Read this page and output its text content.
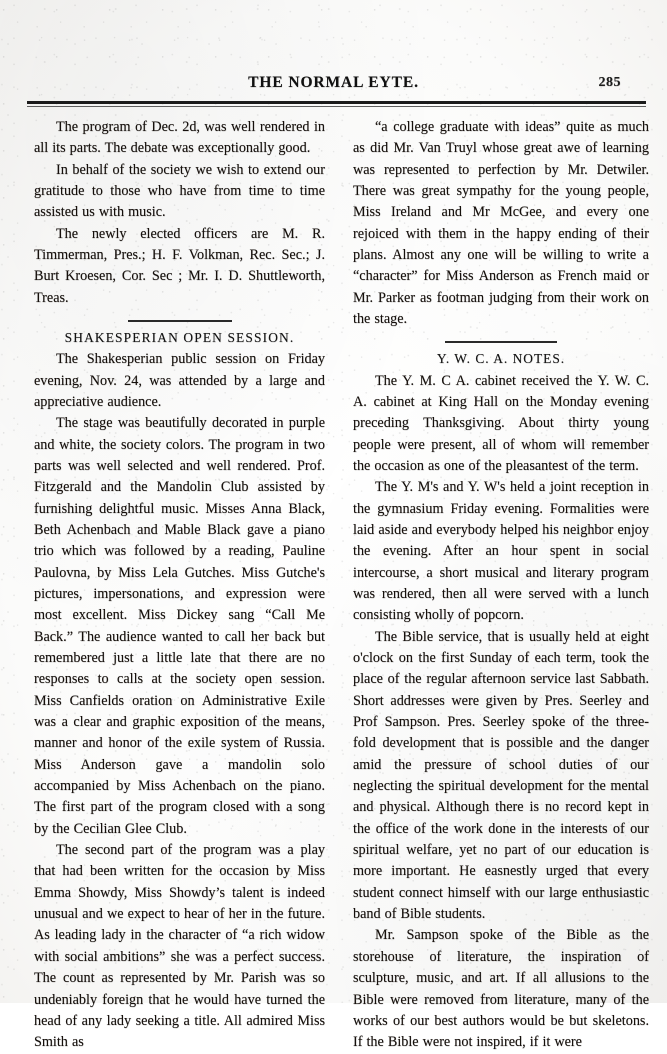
THE NORMAL EYTE.	285

The program of Dec. 2d, was well rendered in all its parts. The debate was exceptionally good.

In behalf of the society we wish to extend our gratitude to those who have from time to time assisted us with music.

The newly elected officers are M. R. Timmerman, Pres.; H. F. Volkman, Rec. Sec.; J. Burt Kroesen, Cor. Sec ; Mr. I. D. Shuttleworth, Treas.

SHAKESPERIAN OPEN SESSION.

The Shakesperian public session on Friday evening, Nov. 24, was attended by a large and appreciative audience.

The stage was beautifully decorated in purple and white, the society colors. The program in two parts was well selected and well rendered. Prof. Fitzgerald and the Mandolin Club assisted by furnishing delightful music. Misses Anna Black, Beth Achenbach and Mable Black gave a piano trio which was followed by a reading, Pauline Paulovna, by Miss Lela Gutches. Miss Gutche's pictures, impersonations, and expression were most excellent. Miss Dickey sang “Call Me Back.” The audience wanted to call her back but remembered just a little late that there are no responses to calls at the society open session. Miss Canfields oration on Administrative Exile was a clear and graphic exposition of the means, manner and honor of the exile system of Russia. Miss Anderson gave a mandolin solo accompanied by Miss Achenbach on the piano. The first part of the program closed with a song by the Cecilian Glee Club.

The second part of the program was a play that had been written for the occasion by Miss Emma Showdy, Miss Showdy’s talent is indeed unusual and we expect to hear of her in the future. As leading lady in the character of “a rich widow with social ambitions” she was a perfect success. The count as represented by Mr. Parish was so undeniably foreign that he would have turned the head of any lady seeking a title. All admired Miss Smith as

“a college graduate with ideas” quite as much as did Mr. Van Truyl whose great awe of learning was represented to perfection by Mr. Detwiler. There was great sympathy for the young people, Miss Ireland and Mr McGee, and every one rejoiced with them in the happy ending of their plans. Almost any one will be willing to write a “character” for Miss Anderson as French maid or Mr. Parker as footman judging from their work on the stage.

Y. W. C. A. NOTES.

The Y. M. C A. cabinet received the Y. W. C. A. cabinet at King Hall on the Monday evening preceding Thanksgiving. About thirty young people were present, all of whom will remember the occasion as one of the pleasantest of the term.

The Y. M's and Y. W's held a joint reception in the gymnasium Friday evening. Formalities were laid aside and everybody helped his neighbor enjoy the evening. After an hour spent in social intercourse, a short musical and literary program was rendered, then all were served with a lunch consisting wholly of popcorn.

The Bible service, that is usually held at eight o'clock on the first Sunday of each term, took the place of the regular afternoon service last Sabbath. Short addresses were given by Pres. Seerley and Prof Sampson. Pres. Seerley spoke of the three-fold development that is possible and the danger amid the pressure of school duties of our neglecting the spiritual development for the mental and physical. Although there is no record kept in the office of the work done in the interests of our spiritual welfare, yet no part of our education is more important. He easnestly urged that every student connect himself with our large enthusiastic band of Bible students.

Mr. Sampson spoke of the Bible as the storehouse of literature, the inspiration of sculpture, music, and art. If all allusions to the Bible were removed from literature, many of the works of our best authors would be but skeletons. If the Bible were not inspired, if it were
